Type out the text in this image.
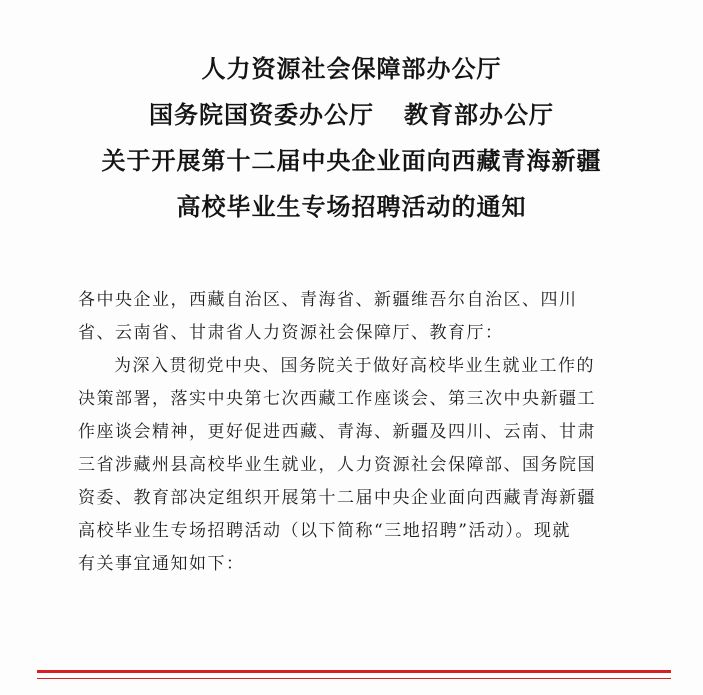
人力资源社会保障部办公厅
国务院国资委办公厅 教育部办公厅
关于开展第十二届中央企业面向西藏青海新疆
高校毕业生专场招聘活动的通知

各中央企业，西藏自治区、青海省、新疆维吾尔自治区、四川
省、云南省、甘肃省人力资源社会保障厅、教育厅：

为深入贯彻党中央、国务院关于做好高校毕业生就业工作的
决策部署，落实中央第七次西藏工作座谈会、第三次中央新疆工
作座谈会精神，更好促进西藏、青海、新疆及四川、云南、甘肃
三省涉藏州县高校毕业生就业，人力资源社会保障部、国务院国
资委、教育部决定组织开展第十二届中央企业面向西藏青海新疆
高校毕业生专场招聘活动（以下简称“三地招聘”活动）。现就
有关事宜通知如下：
